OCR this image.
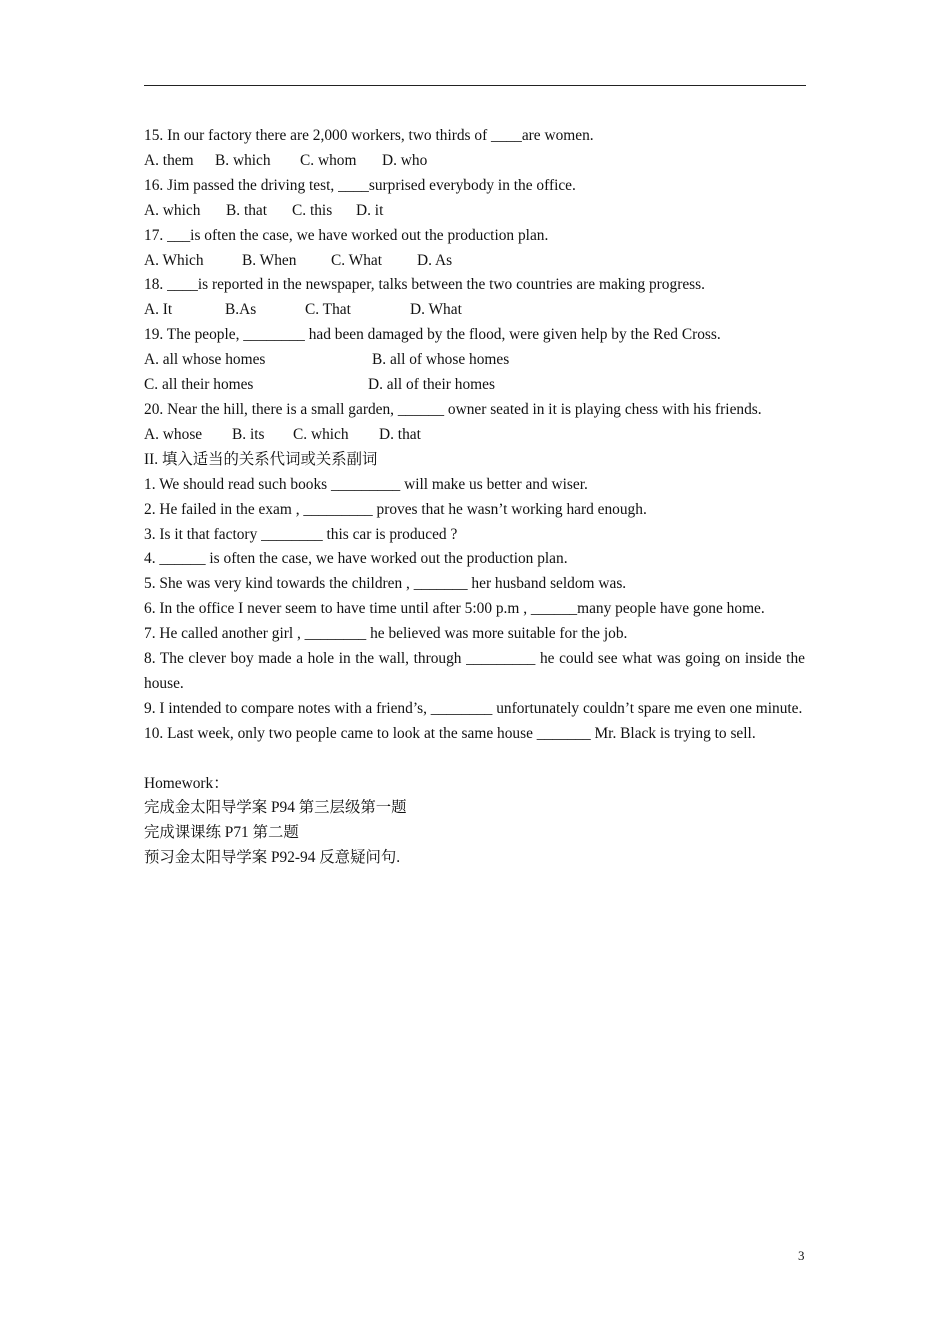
15. In our factory there are 2,000 workers, two thirds of ____are women.
A. them B. which C. whom D. who
16. Jim passed the driving test, ____surprised everybody in the office.
A. which B. that C. this D. it
17. ___is often the case, we have worked out the production plan.
A. Which B. When C. What D. As
18. ____is reported in the newspaper, talks between the two countries are making progress.
A. It	B.As	C. That	D. What
19. The people, ________ had been damaged by the flood, were given help by the Red Cross.
A. all whose homes	B. all of whose homes
C. all their homes	D. all of their homes
20. Near the hill, there is a small garden, ______ owner seated in it is playing chess with his friends.
A. whose B. its C. which D. that
II. 填入适当的关系代词或关系副词
1. We should read such books _________ will make us better and wiser.
2. He failed in the exam , _________ proves that he wasn’t working hard enough.
3. Is it that factory ________ this car is produced ?
4. ______ is often the case, we have worked out the production plan.
5. She was very kind towards the children , _______ her husband seldom was.
6. In the office I never seem to have time until after 5:00 p.m , ______many people have gone home.
7. He called another girl , ________ he believed was more suitable for the job.
8. The clever boy made a hole in the wall, through _________ he could see what was going on inside the house.
9. I intended to compare notes with a friend’s, ________ unfortunately couldn’t spare me even one minute.
10. Last week, only two people came to look at the same house _______ Mr. Black is trying to sell.
Homework：
完成金太阳导学案 P94 第三层级第一题
完成课课练 P71 第二题
预习金太阳导学案 P92-94 反意疑问句.
3
